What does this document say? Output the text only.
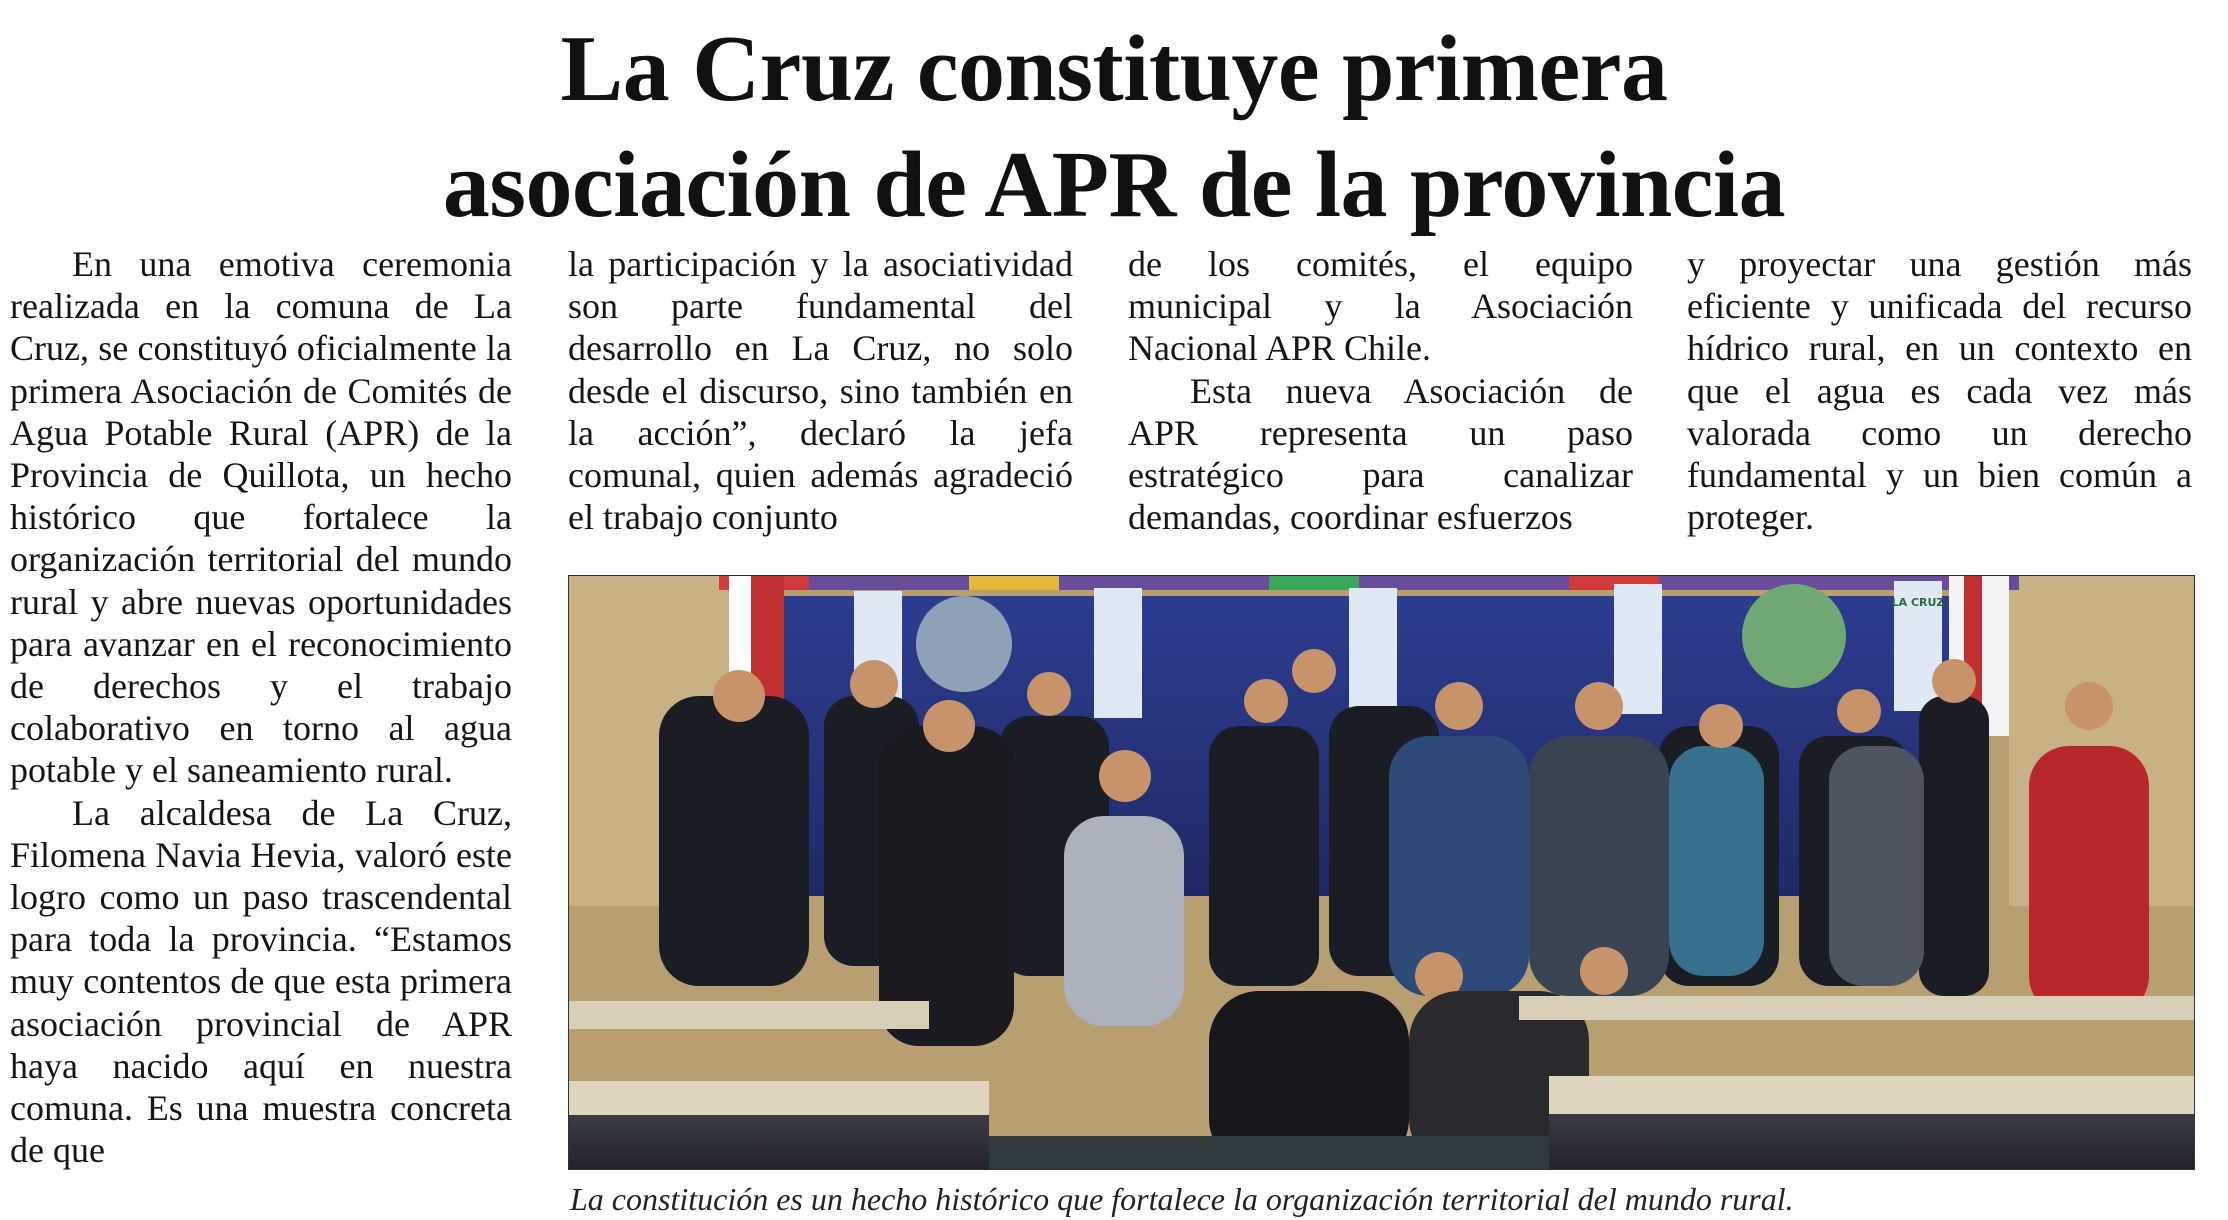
La Cruz constituye primera
asociación de APR de la provincia

En una emotiva ceremonia realizada en la comuna de La Cruz, se constituyó oficialmente la primera Asociación de Comités de Agua Potable Rural (APR) de la Provincia de Quillota, un hecho histórico que fortalece la organización territorial del mundo rural y abre nuevas oportunidades para avanzar en el reconocimiento de derechos y el trabajo colaborativo en torno al agua potable y el saneamiento rural.

La alcaldesa de La Cruz, Filomena Navia Hevia, valoró este logro como un paso trascendental para toda la provincia. “Estamos muy contentos de que esta primera asociación provincial de APR haya nacido aquí en nuestra comuna. Es una muestra concreta de que

la participación y la asociatividad son parte fundamental del desarrollo en La Cruz, no solo desde el discurso, sino también en la acción”, declaró la jefa comunal, quien además agradeció el trabajo conjunto

de los comités, el equipo municipal y la Asociación Nacional APR Chile.

Esta nueva Asociación de APR representa un paso estratégico para canalizar demandas, coordinar esfuerzos

y proyectar una gestión más eficiente y unificada del recurso hídrico rural, en un contexto en que el agua es cada vez más valorada como un derecho fundamental y un bien común a proteger.

LA CRUZ
La constitución es un hecho histórico que fortalece la organización territorial del mundo rural.
